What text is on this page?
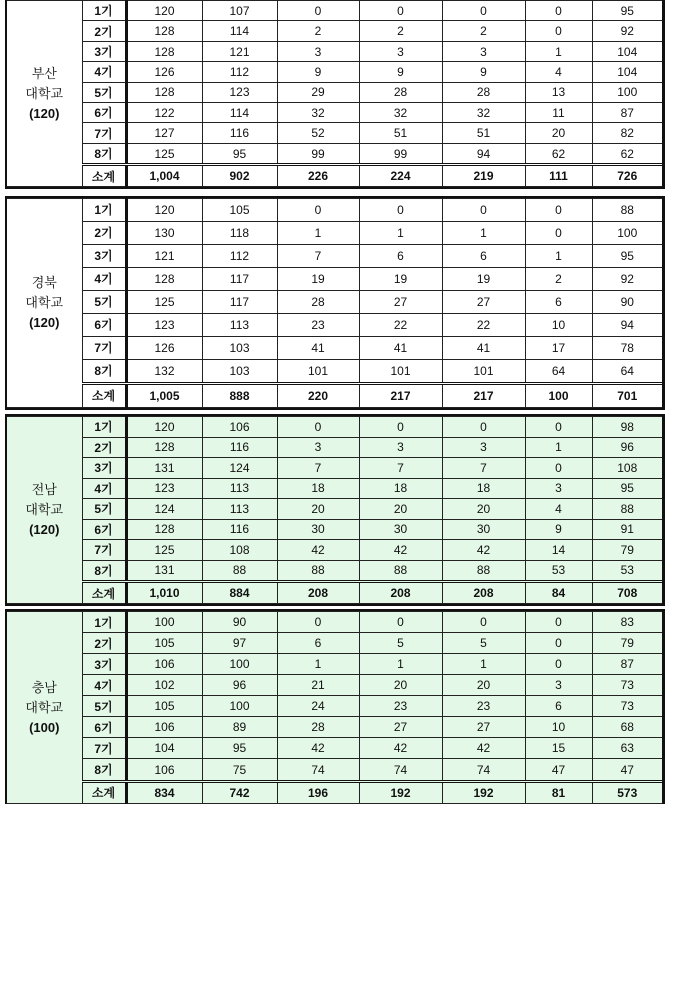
부산
대학교
(120)	1기	120	107	0	0	0	0	95
	2기	128	114	2	2	2	0	92
	3기	128	121	3	3	3	1	104
	4기	126	112	9	9	9	4	104
	5기	128	123	29	28	28	13	100
	6기	122	114	32	32	32	11	87
	7기	127	116	52	51	51	20	82
	8기	125	95	99	99	94	62	62
	소계	1,004	902	226	224	219	111	726
경북
대학교
(120)	1기	120	105	0	0	0	0	88
	2기	130	118	1	1	1	0	100
	3기	121	112	7	6	6	1	95
	4기	128	117	19	19	19	2	92
	5기	125	117	28	27	27	6	90
	6기	123	113	23	22	22	10	94
	7기	126	103	41	41	41	17	78
	8기	132	103	101	101	101	64	64
	소계	1,005	888	220	217	217	100	701
전남
대학교
(120)	1기	120	106	0	0	0	0	98
	2기	128	116	3	3	3	1	96
	3기	131	124	7	7	7	0	108
	4기	123	113	18	18	18	3	95
	5기	124	113	20	20	20	4	88
	6기	128	116	30	30	30	9	91
	7기	125	108	42	42	42	14	79
	8기	131	88	88	88	88	53	53
	소계	1,010	884	208	208	208	84	708
충남
대학교
(100)	1기	100	90	0	0	0	0	83
	2기	105	97	6	5	5	0	79
	3기	106	100	1	1	1	0	87
	4기	102	96	21	20	20	3	73
	5기	105	100	24	23	23	6	73
	6기	106	89	28	27	27	10	68
	7기	104	95	42	42	42	15	63
	8기	106	75	74	74	74	47	47
	소계	834	742	196	192	192	81	573
